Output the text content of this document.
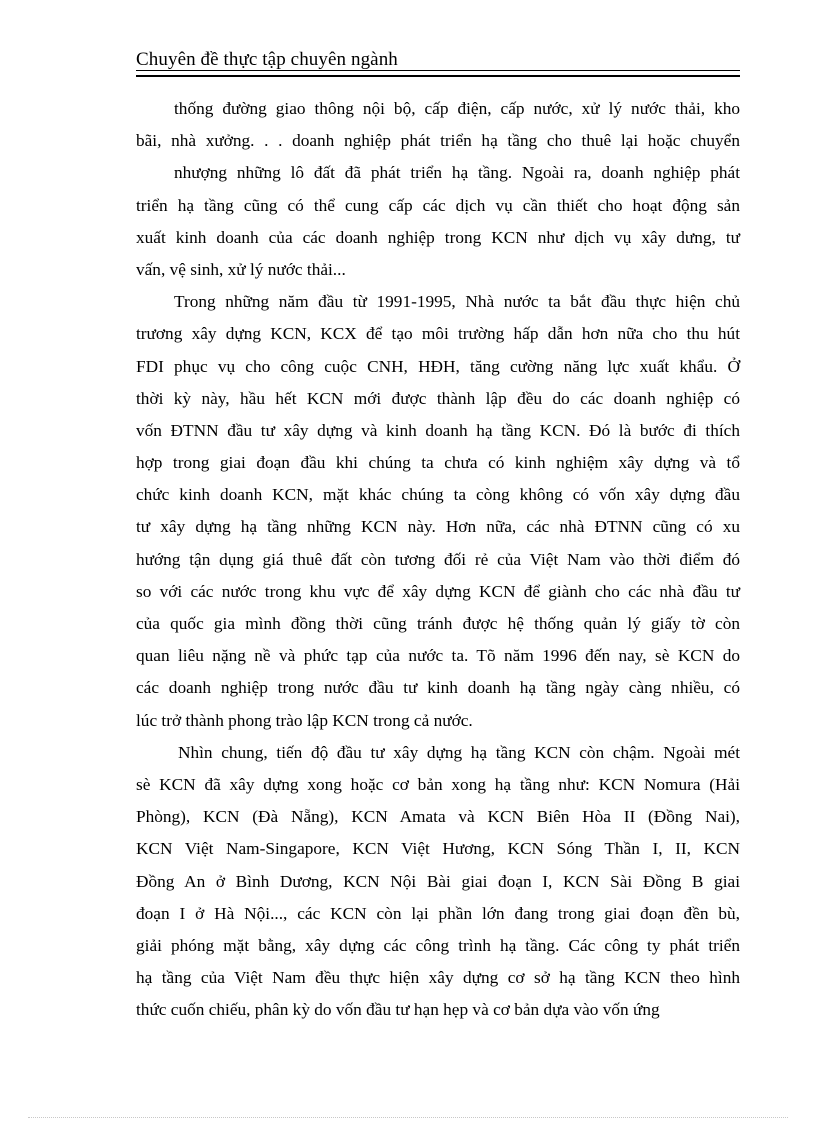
Chuyên đề thực tập chuyên ngành
thống đường giao thông nội bộ, cấp điện, cấp nước, xử lý nước thải, kho
bãi, nhà xưởng. . . doanh nghiệp phát triển hạ tầng cho thuê lại hoặc chuyển
nhượng những lô đất đã phát triển hạ tầng. Ngoài ra, doanh nghiệp phát
triển hạ tầng cũng có thể cung cấp các dịch vụ cần thiết cho hoạt động sản
xuất kinh doanh của các doanh nghiệp trong KCN như dịch vụ xây dưng, tư
vấn, vệ sinh, xử lý nước thải...
Trong những năm đầu từ 1991-1995, Nhà nước ta bắt đầu thực hiện chủ
trương xây dựng KCN, KCX để tạo môi trường hấp dẫn hơn nữa cho thu hút
FDI phục vụ cho công cuộc CNH, HĐH, tăng cường năng lực xuất khẩu. Ở
thời kỳ này, hầu hết KCN mới được thành lập đều do các doanh nghiệp có
vốn ĐTNN đầu tư xây dựng và kinh doanh hạ tầng KCN. Đó là bước đi thích
hợp trong giai đoạn đầu khi chúng ta chưa có kinh nghiệm xây dựng và tổ
chức kinh doanh KCN, mặt khác chúng ta còng không có vốn xây dựng đầu
tư xây dựng hạ tầng những KCN này. Hơn nữa, các nhà ĐTNN cũng có xu
hướng tận dụng giá thuê đất còn tương đối rẻ của Việt Nam vào thời điểm đó
so với các nước trong khu vực để xây dựng KCN để giành cho các nhà đầu tư
của quốc gia mình đồng thời cũng tránh được hệ thống quản lý giấy tờ còn
quan liêu nặng nề và phức tạp của nước ta. Tõ năm 1996 đến nay, sè KCN do
các doanh nghiệp trong nước đầu tư kinh doanh hạ tầng ngày càng nhiều, có
lúc trở thành phong trào lập KCN trong cả nước.
Nhìn chung, tiến độ đầu tư xây dựng hạ tầng KCN còn chậm. Ngoài mét
sè KCN đã xây dựng xong hoặc cơ bản xong hạ tầng như: KCN Nomura (Hải
Phòng), KCN (Đà Nẵng), KCN Amata và KCN Biên Hòa II (Đồng Nai),
KCN Việt Nam-Singapore, KCN Việt Hương, KCN Sóng Thần I, II, KCN
Đồng An ở Bình Dương, KCN Nội Bài giai đoạn I, KCN Sài Đồng B giai
đoạn I ở Hà Nội..., các KCN còn lại phần lớn đang trong giai đoạn đền bù,
giải phóng mặt bằng, xây dựng các công trình hạ tầng. Các công ty phát triển
hạ tầng của Việt Nam đều thực hiện xây dựng cơ sở hạ tầng KCN theo hình
thức cuốn chiếu, phân kỳ do vốn đầu tư hạn hẹp và cơ bản dựa vào vốn ứng
